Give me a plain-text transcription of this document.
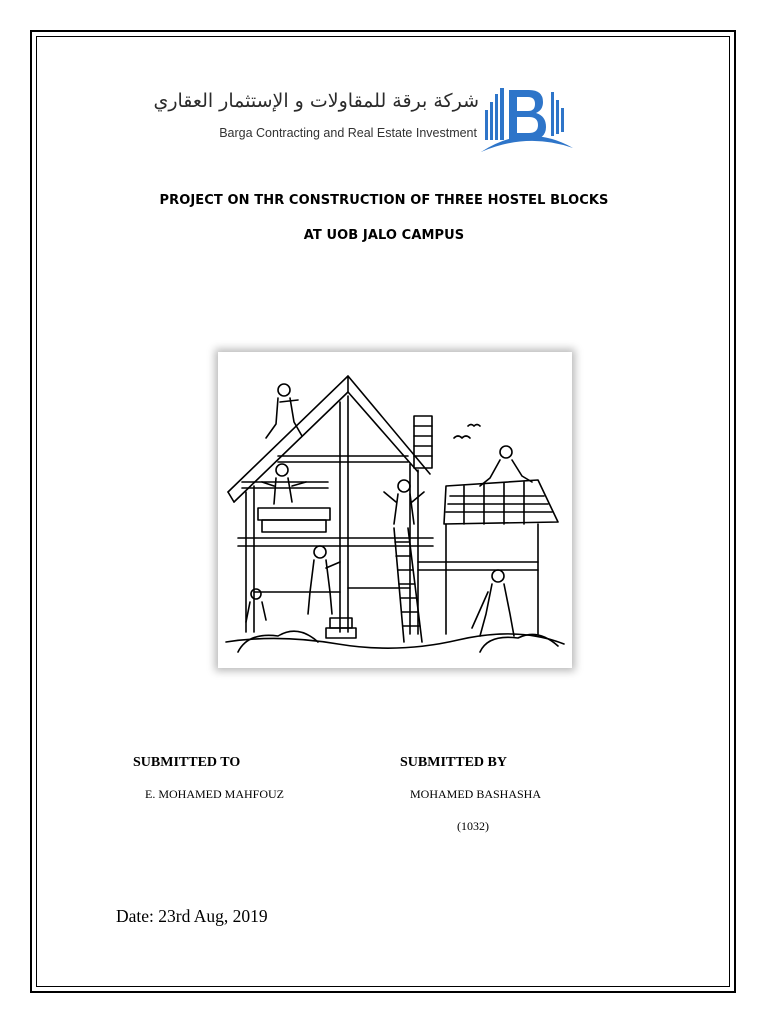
شركة برقة للمقاولات و الإستثمار العقاري
Barga Contracting and Real Estate Investment
PROJECT ON THR CONSTRUCTION OF THREE HOSTEL BLOCKS
AT UOB JALO CAMPUS
SUBMITTED TO
E. MOHAMED MAHFOUZ
SUBMITTED BY
MOHAMED BASHASHA
(1032)
Date: 23rd Aug, 2019
